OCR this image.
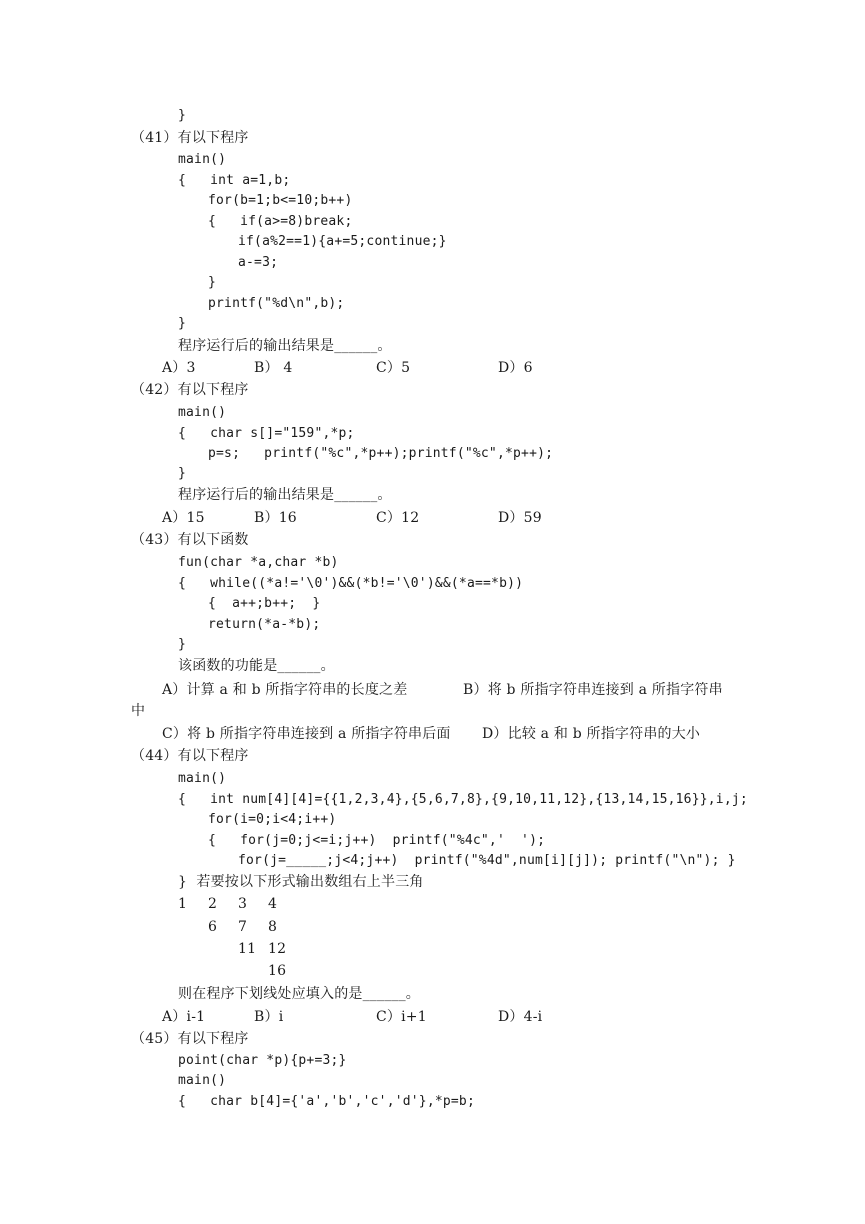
}
（41）有以下程序
main()
{   int a=1,b;
for(b=1;b<=10;b++)
{   if(a>=8)break;
if(a%2==1){a+=5;continue;}
a-=3;
}
printf("%d\n",b);
}
程序运行后的输出结果是______。
A）3	B） 4	C）5	D）6
（42）有以下程序
main()
{   char s[]="159",*p;
p=s;   printf("%c",*p++);printf("%c",*p++);
}
程序运行后的输出结果是______。
A）15	B）16	C）12	D）59
（43）有以下函数
fun(char *a,char *b)
{   while((*a!='\0')&&(*b!='\0')&&(*a==*b))
{  a++;b++;  }
return(*a-*b);
}
该函数的功能是______。
A）计算 a 和 b 所指字符串的长度之差	B）将 b 所指字符串连接到 a 所指字符串
中
C）将 b 所指字符串连接到 a 所指字符串后面 D）比较 a 和 b 所指字符串的大小
（44）有以下程序
main()
{   int num[4][4]={{1,2,3,4},{5,6,7,8},{9,10,11,12},{13,14,15,16}},i,j;
for(i=0;i<4;i++)
{   for(j=0;j<=i;j++)  printf("%4c",'  ');
for(j=_____;j<4;j++)  printf("%4d",num[i][j]); printf("\n"); }
}  若要按以下形式输出数组右上半三角
1 2 3 4
6 7 8
11 12
16
则在程序下划线处应填入的是______。
A）i-1	B）i	C）i+1	D）4-i
（45）有以下程序
point(char *p){p+=3;}
main()
{   char b[4]={'a','b','c','d'},*p=b;
